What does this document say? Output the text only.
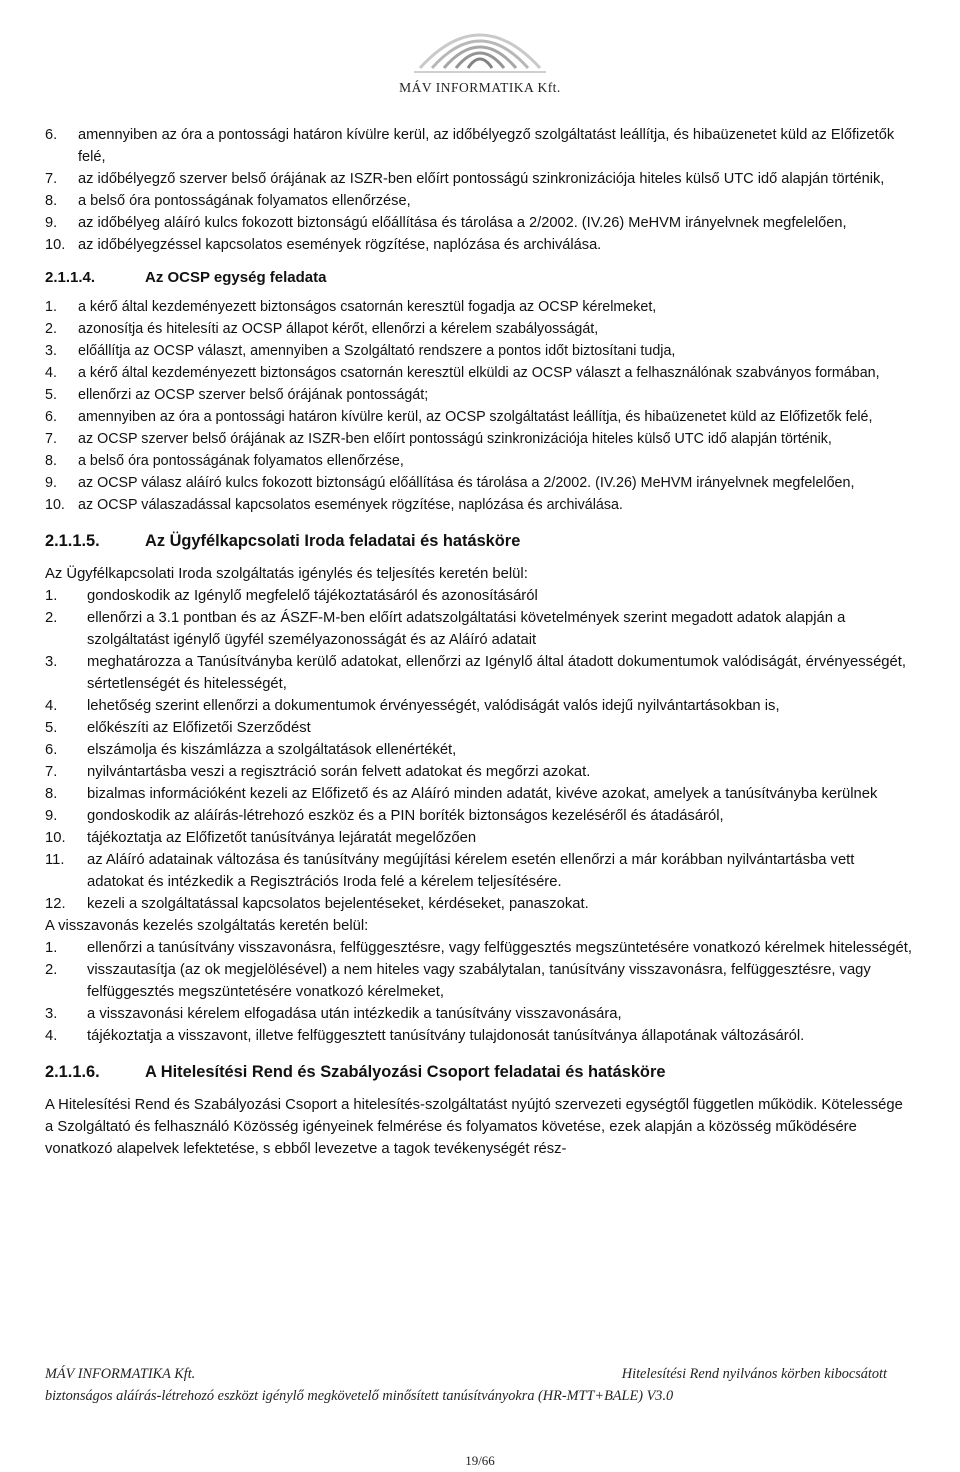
MÁV INFORMATIKA Kft.
6.	amennyiben az óra a pontossági határon kívülre kerül, az időbélyegző szolgáltatást leállítja, és hibaüzenetet küld az Előfizetők felé,
7.	az időbélyegző szerver belső órájának az ISZR-ben előírt pontosságú szinkronizációja hiteles külső UTC idő alapján történik,
8.	a belső óra pontosságának folyamatos ellenőrzése,
9.	az időbélyeg aláíró kulcs fokozott biztonságú előállítása és tárolása a 2/2002. (IV.26) MeHVM irányelvnek megfelelően,
10. az időbélyegzéssel kapcsolatos események rögzítése, naplózása és archiválása.
2.1.1.4.	Az OCSP egység feladata
1.	a kérő által kezdeményezett biztonságos csatornán keresztül fogadja az OCSP kérelmeket,
2.	azonosítja és hitelesíti az OCSP állapot kérőt, ellenőrzi a kérelem szabályosságát,
3.	előállítja az OCSP választ, amennyiben a Szolgáltató rendszere a pontos időt biztosítani tudja,
4.	a kérő által kezdeményezett biztonságos csatornán keresztül elküldi az OCSP választ a felhasználónak szabványos formában,
5.	ellenőrzi az OCSP szerver belső órájának pontosságát;
6.	amennyiben az óra a pontossági határon kívülre kerül, az OCSP szolgáltatást leállítja, és hibaüzenetet küld az Előfizetők felé,
7.	az OCSP szerver belső órájának az ISZR-ben előírt pontosságú szinkronizációja hiteles külső UTC idő alapján történik,
8.	a belső óra pontosságának folyamatos ellenőrzése,
9.	az OCSP válasz aláíró kulcs fokozott biztonságú előállítása és tárolása a 2/2002. (IV.26) MeHVM irányelvnek megfelelően,
10. az OCSP válaszadással kapcsolatos események rögzítése, naplózása és archiválása.
2.1.1.5.	Az Ügyfélkapcsolati Iroda feladatai és hatásköre
Az Ügyfélkapcsolati Iroda szolgáltatás igénylés és teljesítés keretén belül:
1.	gondoskodik az Igénylő megfelelő tájékoztatásáról és azonosításáról
2.	ellenőrzi a 3.1 pontban és az ÁSZF-M-ben előírt adatszolgáltatási követelmények szerint megadott adatok alapján a szolgáltatást igénylő ügyfél személyazonosságát és az Aláíró adatait
3.	meghatározza a Tanúsítványba kerülő adatokat, ellenőrzi az Igénylő által átadott dokumentumok valódiságát, érvényességét, sértetlenségét és hitelességét,
4.	lehetőség szerint ellenőrzi a dokumentumok érvényességét, valódiságát valós idejű nyilvántartásokban is,
5.	előkészíti az Előfizetői Szerződést
6.	elszámolja és kiszámlázza a szolgáltatások ellenértékét,
7.	nyilvántartásba veszi a regisztráció során felvett adatokat és megőrzi azokat.
8.	bizalmas információként kezeli az Előfizető és az Aláíró minden adatát, kivéve azokat, amelyek a tanúsítványba kerülnek
9.	gondoskodik az aláírás-létrehozó eszköz és a PIN boríték biztonságos kezeléséről és átadásáról,
10.	tájékoztatja az Előfizetőt tanúsítványa lejáratát megelőzően
11.	az Aláíró adatainak változása és tanúsítvány megújítási kérelem esetén ellenőrzi a már korábban nyilvántartásba vett adatokat és intézkedik a Regisztrációs Iroda felé a kérelem teljesítésére.
12.	kezeli a szolgáltatással kapcsolatos bejelentéseket, kérdéseket, panaszokat.
A visszavonás kezelés szolgáltatás keretén belül:
1.	ellenőrzi a tanúsítvány visszavonásra, felfüggesztésre, vagy felfüggesztés megszüntetésére vonatkozó kérelmek hitelességét,
2.	visszautasítja (az ok megjelölésével) a nem hiteles vagy szabálytalan, tanúsítvány visszavonásra, felfüggesztésre, vagy felfüggesztés megszüntetésére vonatkozó kérelmeket,
3.	a visszavonási kérelem elfogadása után intézkedik a tanúsítvány visszavonására,
4.	tájékoztatja a visszavont, illetve felfüggesztett tanúsítvány tulajdonosát tanúsítványa állapotának változásáról.
2.1.1.6.	A Hitelesítési Rend és Szabályozási Csoport feladatai és hatásköre
A Hitelesítési Rend és Szabályozási Csoport a hitelesítés-szolgáltatást nyújtó szervezeti egységtől független működik. Kötelessége a Szolgáltató és felhasználó Közösség igényeinek felmérése és folyamatos követése, ezek alapján a közösség működésére vonatkozó alapelvek lefektetése, s ebből levezetve a tagok tevékenységét rész-
MÁV INFORMATIKA Kft.	Hitelesítési Rend nyilvános körben kibocsátott
biztonságos aláírás-létrehozó eszközt igénylő megkövetelő minősített tanúsítványokra (HR-MTT+BALE) V3.0
19/66
